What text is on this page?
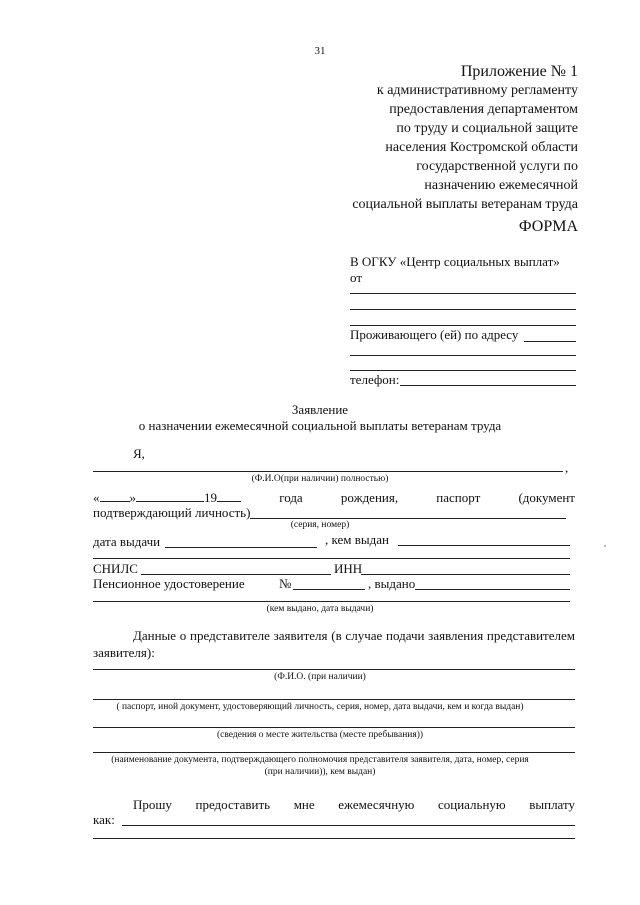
31
Приложение № 1
к административному регламенту
предоставления департаментом
по труду и социальной защите
населения Костромской области
государственной услуги по
назначению ежемесячной
социальной выплаты ветеранам труда
ФОРМА
В ОГКУ «Центр социальных выплат»
от
Проживающего (ей) по адресу
телефон:
Заявление
о назначении ежемесячной социальной выплаты ветеранам труда
Я,
,
(Ф.И.О(при наличии) полностью)
« »	19	года	рождения,	паспорт	(документ
подтверждающий личность)
(серия, номер)
дата выдачи	, кем выдан
СНИЛС	ИНН
Пенсионное удостоверение	№	, выдано
(кем выдано, дата выдачи)
Данные о представителе заявителя (в случае подачи заявления представителем заявителя):
(Ф.И.О. (при наличии)
( паспорт, иной документ, удостоверяющий личность, серия, номер, дата выдачи, кем и когда выдан)
(сведения о месте жительства (месте пребывания))
(наименование документа, подтверждающего полномочия представителя заявителя, дата, номер, серия
(при наличии)), кем выдан)
Прошу предоставить мне ежемесячную социальную выплату
как:
